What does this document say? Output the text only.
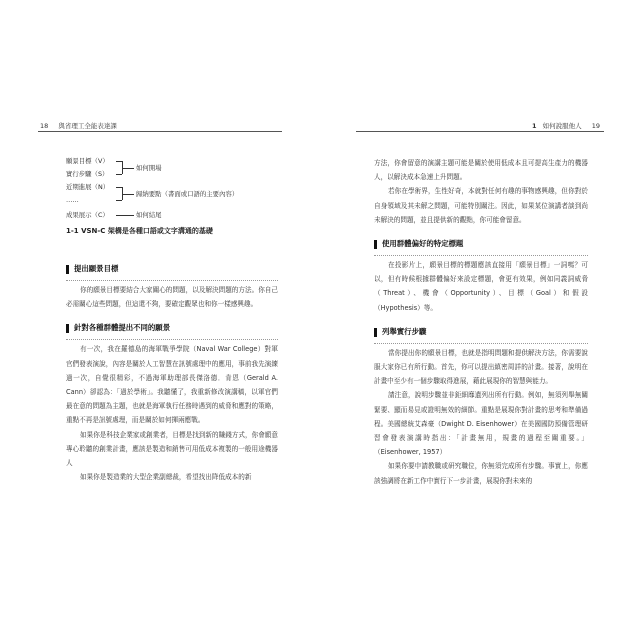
18 與省理工全能表達課	1 如何說服他人 19
願景目標（V）
實行步驟（S）
近期進展（N）
……
成果展示（C）
如何開場
歸納要點（書面或口語的主要內容）
如何結尾
1-1 VSN-C 架構是各種口語或文字溝通的基礎
提出願景目標

你的願景目標要結合大家關心的問題，以及解決問題的方法。你自己必需關心這些問題，但這還不夠，要確定觀眾也和你一樣感興趣。

針對各種群體提出不同的願景

有一次，我在羅德島的海軍戰爭學院（Naval War College）對軍官們發表演說，內容是關於人工智慧在訊號處理中的應用，事前我先演練過一次，自覺很精彩，不過海軍助理部長傑洛德．肯恩（Gerald A. Cann）卻認為：「過於學術」。我聽懂了，我重新修改演講稿，以軍官們最在意的問題為主題，也就是海軍執行任務時遇到的威脅和應對的策略，重點不再是訊號處理，而是關於如何揮兩應戰。

如果你是科技企業家或創業者，目標是找到新的賺錢方式，你會願意專心聆聽的創業計畫，應該是製造和銷售可用低成本複製的一般用途機器人

如果你是製造業的大型企業副總裁，希望找出降低成本的新

方法，你會留意的演講主題可能是關於使用低成本且可提高生產力的機器人，以解決成本急速上升問題。

若你在學術界，生性好奇，本就對任何有趣的事物感興趣，但你對於自身領域及其未解之問題，可能特別關注。因此，如果某位演講者談到尚未解決的問題，並且提供新的觀點，你可能會留意。

使用群體偏好的特定標題

在投影片上，願景目標的標題應該直接用「願景目標」一詞嗎？可以，但有時候根據群體偏好來設定標題，會更有效果，例如同義詞威脅（Threat）、機會（Opportunity）、目標（Goal）和假設（Hypothesis）等。

列舉實行步驟

當你提出你的願景目標，也就是指明問題和提供解決方法，你需要說服大家你已有所行動。首先，你可以提出縝密周詳的計畫。接著，說明在計畫中至少有一個步驟取得進展，藉此展現你的智慧與能力。

請注意，說明步驟並非鉅細靡遺列出所有行動。例如，無須列舉無關緊要、顯而易見或證明無效的細節。重點是展現你對計畫的思考和準備過程。美國總統艾森豪（Dwight D. Eisenhower）在美國國防預備管理研習會發表演講時指出：「計畫無用，規畫的過程至關重要。」（Eisenhower, 1957）

如果你要申請教職或研究職位，你無須完成所有步驟。事實上，你應該強調將在新工作中實行下一步計畫，展現你對未來的
